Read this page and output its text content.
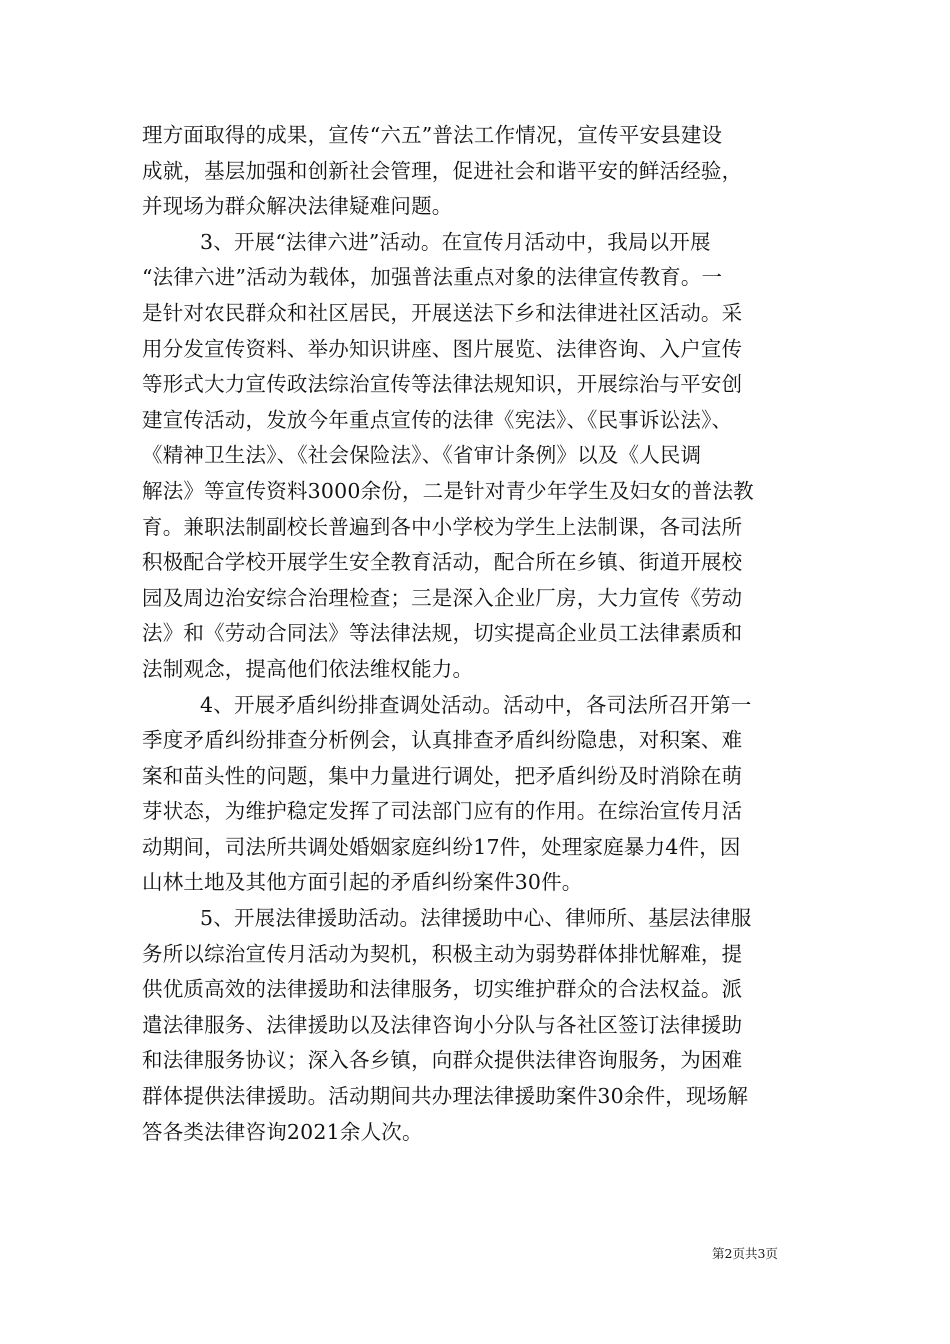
理方面取得的成果，宣传“六五”普法工作情况，宣传平安县建设
成就，基层加强和创新社会管理，促进社会和谐平安的鲜活经验，
并现场为群众解决法律疑难问题。
3、开展“法律六进”活动。在宣传月活动中，我局以开展
“法律六进”活动为载体，加强普法重点对象的法律宣传教育。一
是针对农民群众和社区居民，开展送法下乡和法律进社区活动。采
用分发宣传资料、举办知识讲座、图片展览、法律咨询、入户宣传
等形式大力宣传政法综治宣传等法律法规知识，开展综治与平安创
建宣传活动，发放今年重点宣传的法律《宪法》、《民事诉讼法》、
《精神卫生法》、《社会保险法》、《省审计条例》以及《人民调
解法》等宣传资料3000余份，二是针对青少年学生及妇女的普法教
育。兼职法制副校长普遍到各中小学校为学生上法制课，各司法所
积极配合学校开展学生安全教育活动，配合所在乡镇、街道开展校
园及周边治安综合治理检查；三是深入企业厂房，大力宣传《劳动
法》和《劳动合同法》等法律法规，切实提高企业员工法律素质和
法制观念，提高他们依法维权能力。
4、开展矛盾纠纷排查调处活动。活动中，各司法所召开第一
季度矛盾纠纷排查分析例会，认真排查矛盾纠纷隐患，对积案、难
案和苗头性的问题，集中力量进行调处，把矛盾纠纷及时消除在萌
芽状态，为维护稳定发挥了司法部门应有的作用。在综治宣传月活
动期间，司法所共调处婚姻家庭纠纷17件，处理家庭暴力4件，因
山林土地及其他方面引起的矛盾纠纷案件30件。
5、开展法律援助活动。法律援助中心、律师所、基层法律服
务所以综治宣传月活动为契机，积极主动为弱势群体排忧解难，提
供优质高效的法律援助和法律服务，切实维护群众的合法权益。派
遣法律服务、法律援助以及法律咨询小分队与各社区签订法律援助
和法律服务协议；深入各乡镇，向群众提供法律咨询服务，为困难
群体提供法律援助。活动期间共办理法律援助案件30余件，现场解
答各类法律咨询2021余人次。
第2页共3页
